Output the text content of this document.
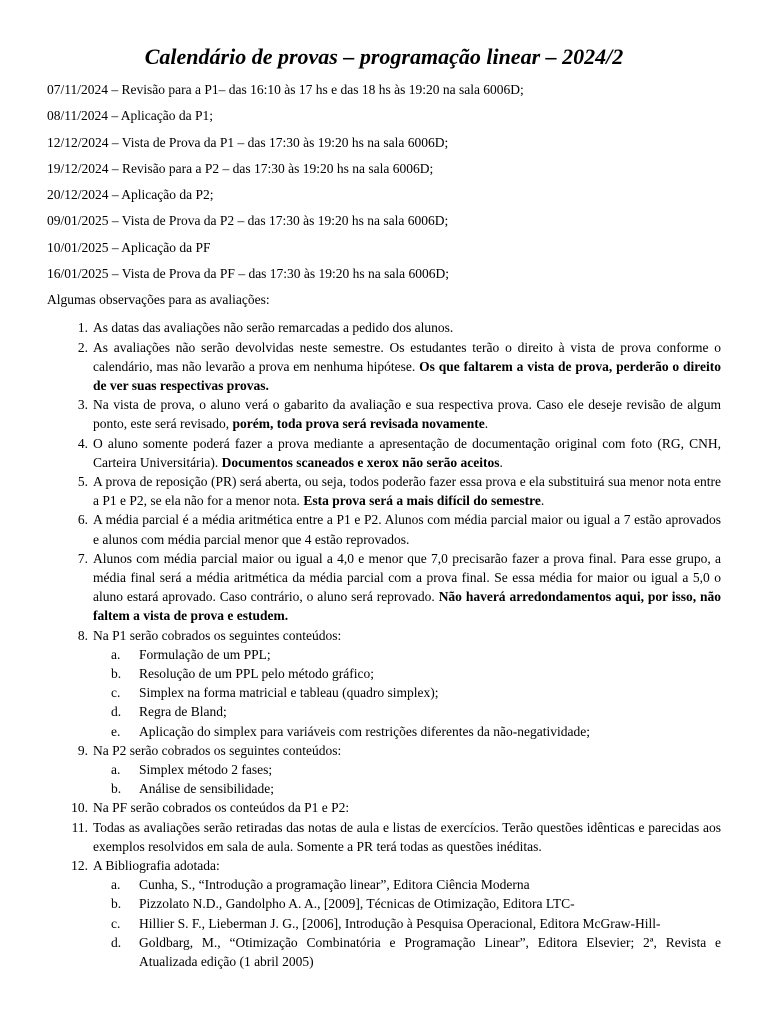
Calendário de provas – programação linear – 2024/2

07/11/2024 – Revisão para a P1– das 16:10 às 17 hs e das 18 hs às 19:20 na sala 6006D;

08/11/2024 – Aplicação da P1;

12/12/2024 – Vista de Prova da P1 – das 17:30 às 19:20 hs na sala 6006D;

19/12/2024 – Revisão para a P2 – das 17:30 às 19:20 hs na sala 6006D;

20/12/2024 – Aplicação da P2;

09/01/2025 – Vista de Prova da P2 – das 17:30 às 19:20 hs na sala 6006D;

10/01/2025 – Aplicação da PF

16/01/2025 – Vista de Prova da PF – das 17:30 às 19:20 hs na sala 6006D;

Algumas observações para as avaliações:

1. As datas das avaliações não serão remarcadas a pedido dos alunos.
2. As avaliações não serão devolvidas neste semestre. Os estudantes terão o direito à vista de prova conforme o calendário, mas não levarão a prova em nenhuma hipótese. Os que faltarem a vista de prova, perderão o direito de ver suas respectivas provas.
3. Na vista de prova, o aluno verá o gabarito da avaliação e sua respectiva prova. Caso ele deseje revisão de algum ponto, este será revisado, porém, toda prova será revisada novamente.
4. O aluno somente poderá fazer a prova mediante a apresentação de documentação original com foto (RG, CNH, Carteira Universitária). Documentos scaneados e xerox não serão aceitos.
5. A prova de reposição (PR) será aberta, ou seja, todos poderão fazer essa prova e ela substituirá sua menor nota entre a P1 e P2, se ela não for a menor nota. Esta prova será a mais difícil do semestre.
6. A média parcial é a média aritmética entre a P1 e P2. Alunos com média parcial maior ou igual a 7 estão aprovados e alunos com média parcial menor que 4 estão reprovados.
7. Alunos com média parcial maior ou igual a 4,0 e menor que 7,0 precisarão fazer a prova final. Para esse grupo, a média final será a média aritmética da média parcial com a prova final. Se essa média for maior ou igual a 5,0 o aluno estará aprovado. Caso contrário, o aluno será reprovado. Não haverá arredondamentos aqui, por isso, não faltem a vista de prova e estudem.
8. Na P1 serão cobrados os seguintes conteúdos:
a.	Formulação de um PPL;
b.	Resolução de um PPL pelo método gráfico;
c.	Simplex na forma matricial e tableau (quadro simplex);
d.	Regra de Bland;
e.	Aplicação do simplex para variáveis com restrições diferentes da não-negatividade;
9. Na P2 serão cobrados os seguintes conteúdos:
a.	Simplex método 2 fases;
b.	Análise de sensibilidade;
10. Na PF serão cobrados os conteúdos da P1 e P2:
11. Todas as avaliações serão retiradas das notas de aula e listas de exercícios. Terão questões idênticas e parecidas aos exemplos resolvidos em sala de aula. Somente a PR terá todas as questões inéditas.
12. A Bibliografia adotada:
a.	Cunha, S., “Introdução a programação linear”, Editora Ciência Moderna
b.	Pizzolato N.D., Gandolpho A. A., [2009], Técnicas de Otimização, Editora LTC-
c.	Hillier S. F., Lieberman J. G., [2006], Introdução à Pesquisa Operacional, Editora McGraw-Hill-
d.	Goldbarg, M., “Otimização Combinatória e Programação Linear”, Editora Elsevier; 2ª, Revista e Atualizada edição (1 abril 2005)
